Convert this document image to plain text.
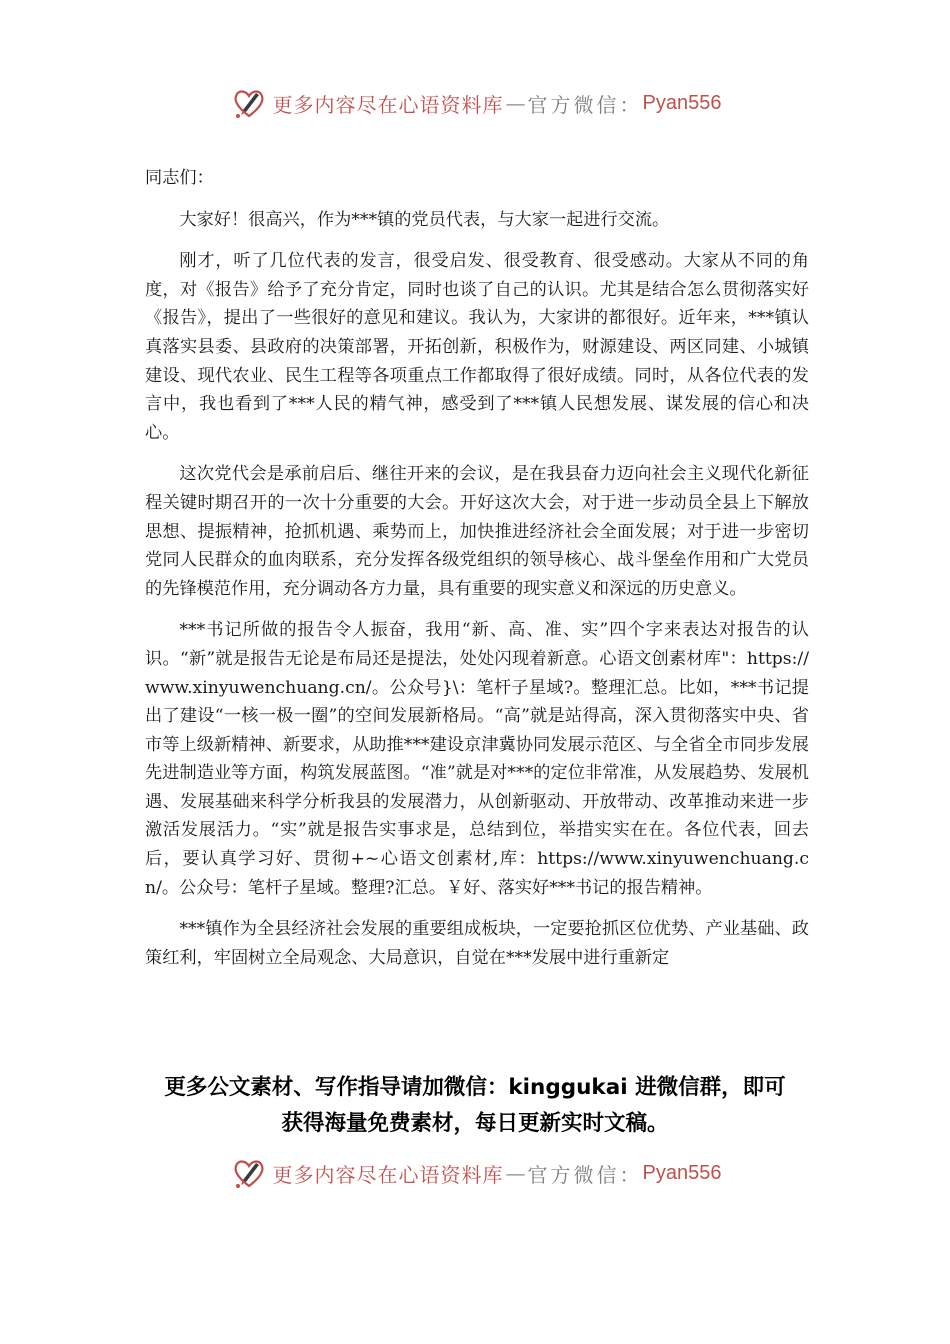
更多内容尽在心语资料库 — 官方微信： Pyan556

同志们：

大家好！很高兴，作为***镇的党员代表，与大家一起进行交流。

刚才，听了几位代表的发言，很受启发、很受教育、很受感动。大家从不同的角度，对《报告》给予了充分肯定，同时也谈了自己的认识。尤其是结合怎么贯彻落实好《报告》，提出了一些很好的意见和建议。我认为，大家讲的都很好。近年来，***镇认真落实县委、县政府的决策部署，开拓创新，积极作为，财源建设、两区同建、小城镇建设、现代农业、民生工程等各项重点工作都取得了很好成绩。同时，从各位代表的发言中，我也看到了***人民的精气神，感受到了***镇人民想发展、谋发展的信心和决心。

这次党代会是承前启后、继往开来的会议，是在我县奋力迈向社会主义现代化新征程关键时期召开的一次十分重要的大会。开好这次大会，对于进一步动员全县上下解放思想、提振精神，抢抓机遇、乘势而上，加快推进经济社会全面发展；对于进一步密切党同人民群众的血肉联系，充分发挥各级党组织的领导核心、战斗堡垒作用和广大党员的先锋模范作用，充分调动各方力量，具有重要的现实意义和深远的历史意义。

***书记所做的报告令人振奋，我用“新、高、准、实”四个字来表达对报告的认识。“新”就是报告无论是布局还是提法，处处闪现着新意。心语文创素材库"：https://www.xinyuwenchuang.cn/。公众号}\：笔杆子星域?。整理汇总。比如，***书记提出了建设“一核一极一圈”的空间发展新格局。“高”就是站得高，深入贯彻落实中央、省市等上级新精神、新要求，从助推***建设京津冀协同发展示范区、与全省全市同步发展先进制造业等方面，构筑发展蓝图。“准”就是对***的定位非常准，从发展趋势、发展机遇、发展基础来科学分析我县的发展潜力，从创新驱动、开放带动、改革推动来进一步激活发展活力。“实”就是报告实事求是，总结到位，举措实实在在。各位代表，回去后，要认真学习好、贯彻+~心语文创素材,库：https://www.xinyuwenchuang.cn/。公众号：笔杆子星域。整理?汇总。￥好、落实好***书记的报告精神。

***镇作为全县经济社会发展的重要组成板块，一定要抢抓区位优势、产业基础、政策红利，牢固树立全局观念、大局意识，自觉在***发展中进行重新定

更多公文素材、写作指导请加微信：kinggukai 进微信群，即可
获得海量免费素材，每日更新实时文稿。
更多内容尽在心语资料库 — 官方微信： Pyan556
